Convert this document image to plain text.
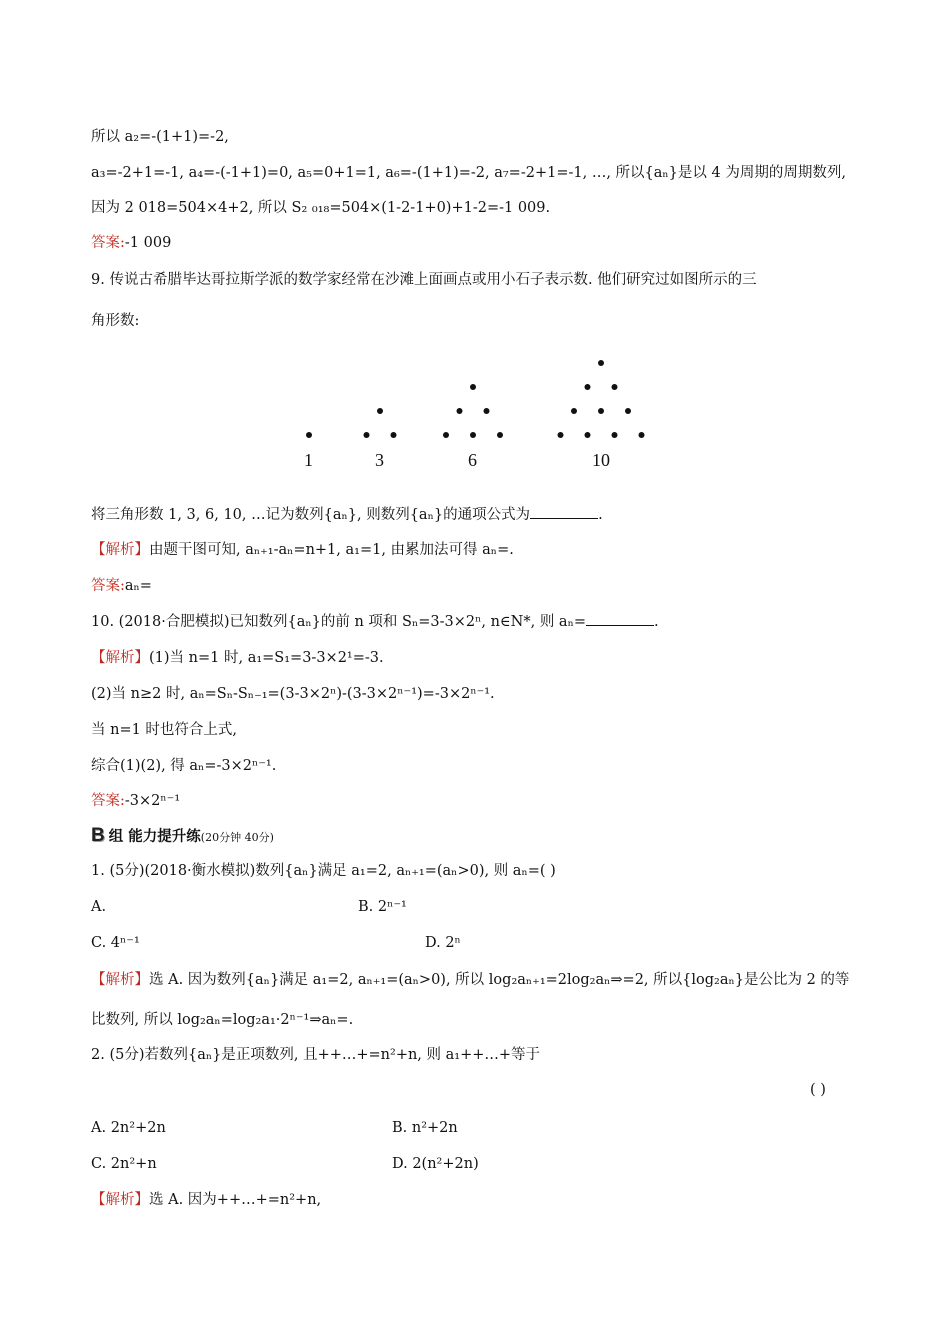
所以 a₂=-(1+1)=-2,
a₃=-2+1=-1, a₄=-(-1+1)=0, a₅=0+1=1, a₆=-(1+1)=-2, a₇=-2+1=-1, …, 所以{aₙ}是以 4 为周期的周期数列,
因为 2 018=504×4+2, 所以 S₂ ₀₁₈=504×(1-2-1+0)+1-2=-1 009.
答案:-1 009
9. 传说古希腊毕达哥拉斯学派的数学家经常在沙滩上面画点或用小石子表示数. 他们研究过如图所示的三
角形数:
1	3	6	10
将三角形数 1, 3, 6, 10, …记为数列{aₙ}, 则数列{aₙ}的通项公式为	.
【解析】由题干图可知, aₙ₊₁-aₙ=n+1, a₁=1, 由累加法可得 aₙ=.
答案:aₙ=
10. (2018·合肥模拟)已知数列{aₙ}的前 n 项和 Sₙ=3-3×2ⁿ, n∈N*, 则 aₙ=	.
【解析】(1)当 n=1 时, a₁=S₁=3-3×2¹=-3.
(2)当 n≥2 时, aₙ=Sₙ-Sₙ₋₁=(3-3×2ⁿ)-(3-3×2ⁿ⁻¹)=-3×2ⁿ⁻¹.
当 n=1 时也符合上式,
综合(1)(2), 得 aₙ=-3×2ⁿ⁻¹.
答案:-3×2ⁿ⁻¹
B 组 能力提升练(20分钟 40分)
1. (5分)(2018·衡水模拟)数列{aₙ}满足 a₁=2, aₙ₊₁=(aₙ>0), 则 aₙ=( )
A.	B. 2ⁿ⁻¹
C. 4ⁿ⁻¹	D. 2ⁿ
【解析】选 A. 因为数列{aₙ}满足 a₁=2, aₙ₊₁=(aₙ>0), 所以 log₂aₙ₊₁=2log₂aₙ⇒=2, 所以{log₂aₙ}是公比为 2 的等
比数列, 所以 log₂aₙ=log₂a₁·2ⁿ⁻¹⇒aₙ=.
2. (5分)若数列{aₙ}是正项数列, 且++…+=n²+n, 则 a₁++…+等于
( )
A. 2n²+2n	B. n²+2n
C. 2n²+n	D. 2(n²+2n)
【解析】选 A. 因为++…+=n²+n,
